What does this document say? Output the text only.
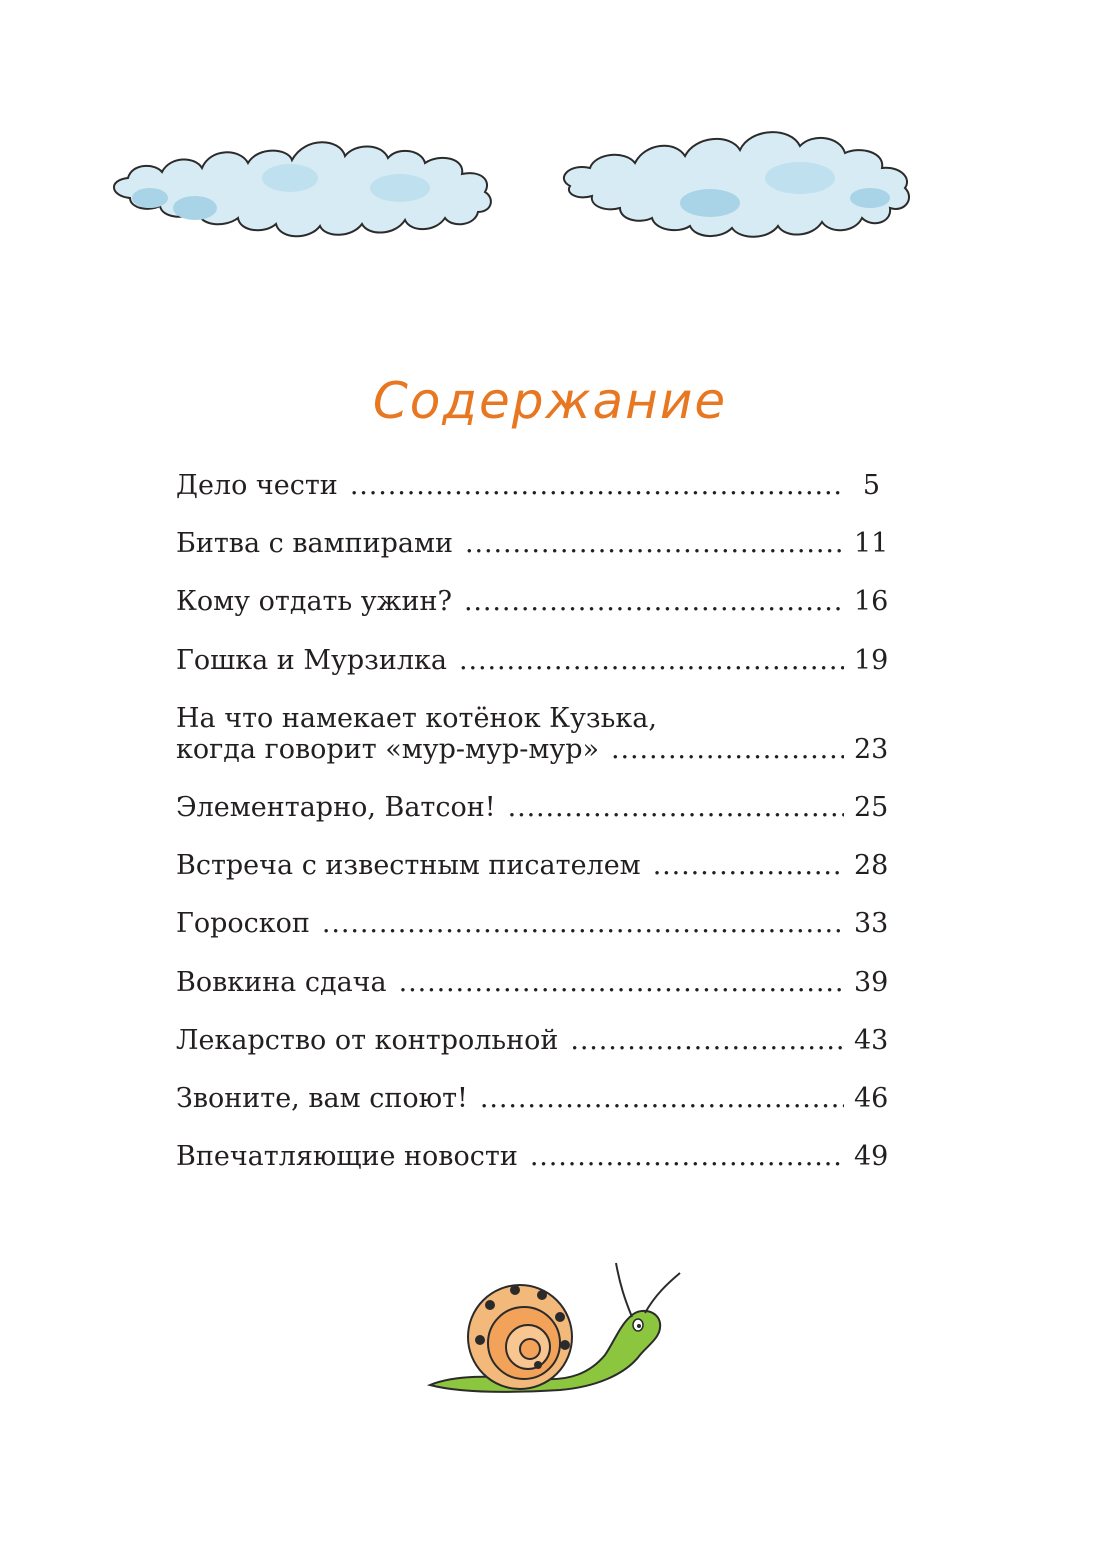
Содержание
Дело чести .....	5
Битва с вампирами .....	11
Кому отдать ужин? .....	16
Гошка и Мурзилка .....	19
На что намекает котёнок Кузька,
когда говорит «мур-мур-мур» .....	23
Элементарно, Ватсон! .....	25
Встреча с известным писателем .....	28
Гороскоп .....	33
Вовкина сдача .....	39
Лекарство от контрольной .....	43
Звоните, вам споют! .....	46
Впечатляющие новости .....	49
